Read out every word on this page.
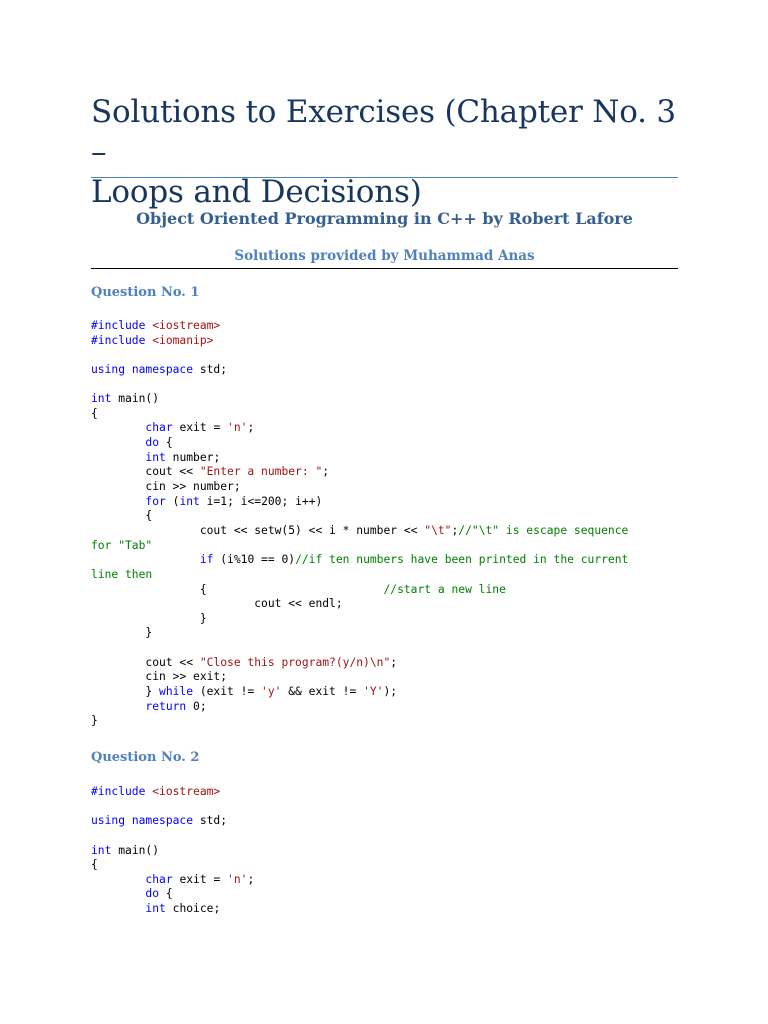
Solutions to Exercises (Chapter No. 3 –
Loops and Decisions)
Object Oriented Programming in C++ by Robert Lafore
Solutions provided by Muhammad Anas
Question No. 1
#include <iostream>
#include <iomanip>
using namespace std;
int main()
{
char exit = 'n';
do {
int number;
cout << "Enter a number: ";
cin >> number;
for (int i=1; i<=200; i++)
{
cout << setw(5) << i * number << "\t";//"\t" is escape sequence
for "Tab"
if (i%10 == 0)//if ten numbers have been printed in the current
line then
{                          //start a new line
cout << endl;
}
}
cout << "Close this program?(y/n)\n";
cin >> exit;
} while (exit != 'y' && exit != 'Y');
return 0;
}
Question No. 2
#include <iostream>
using namespace std;
int main()
{
char exit = 'n';
do {
int choice;
